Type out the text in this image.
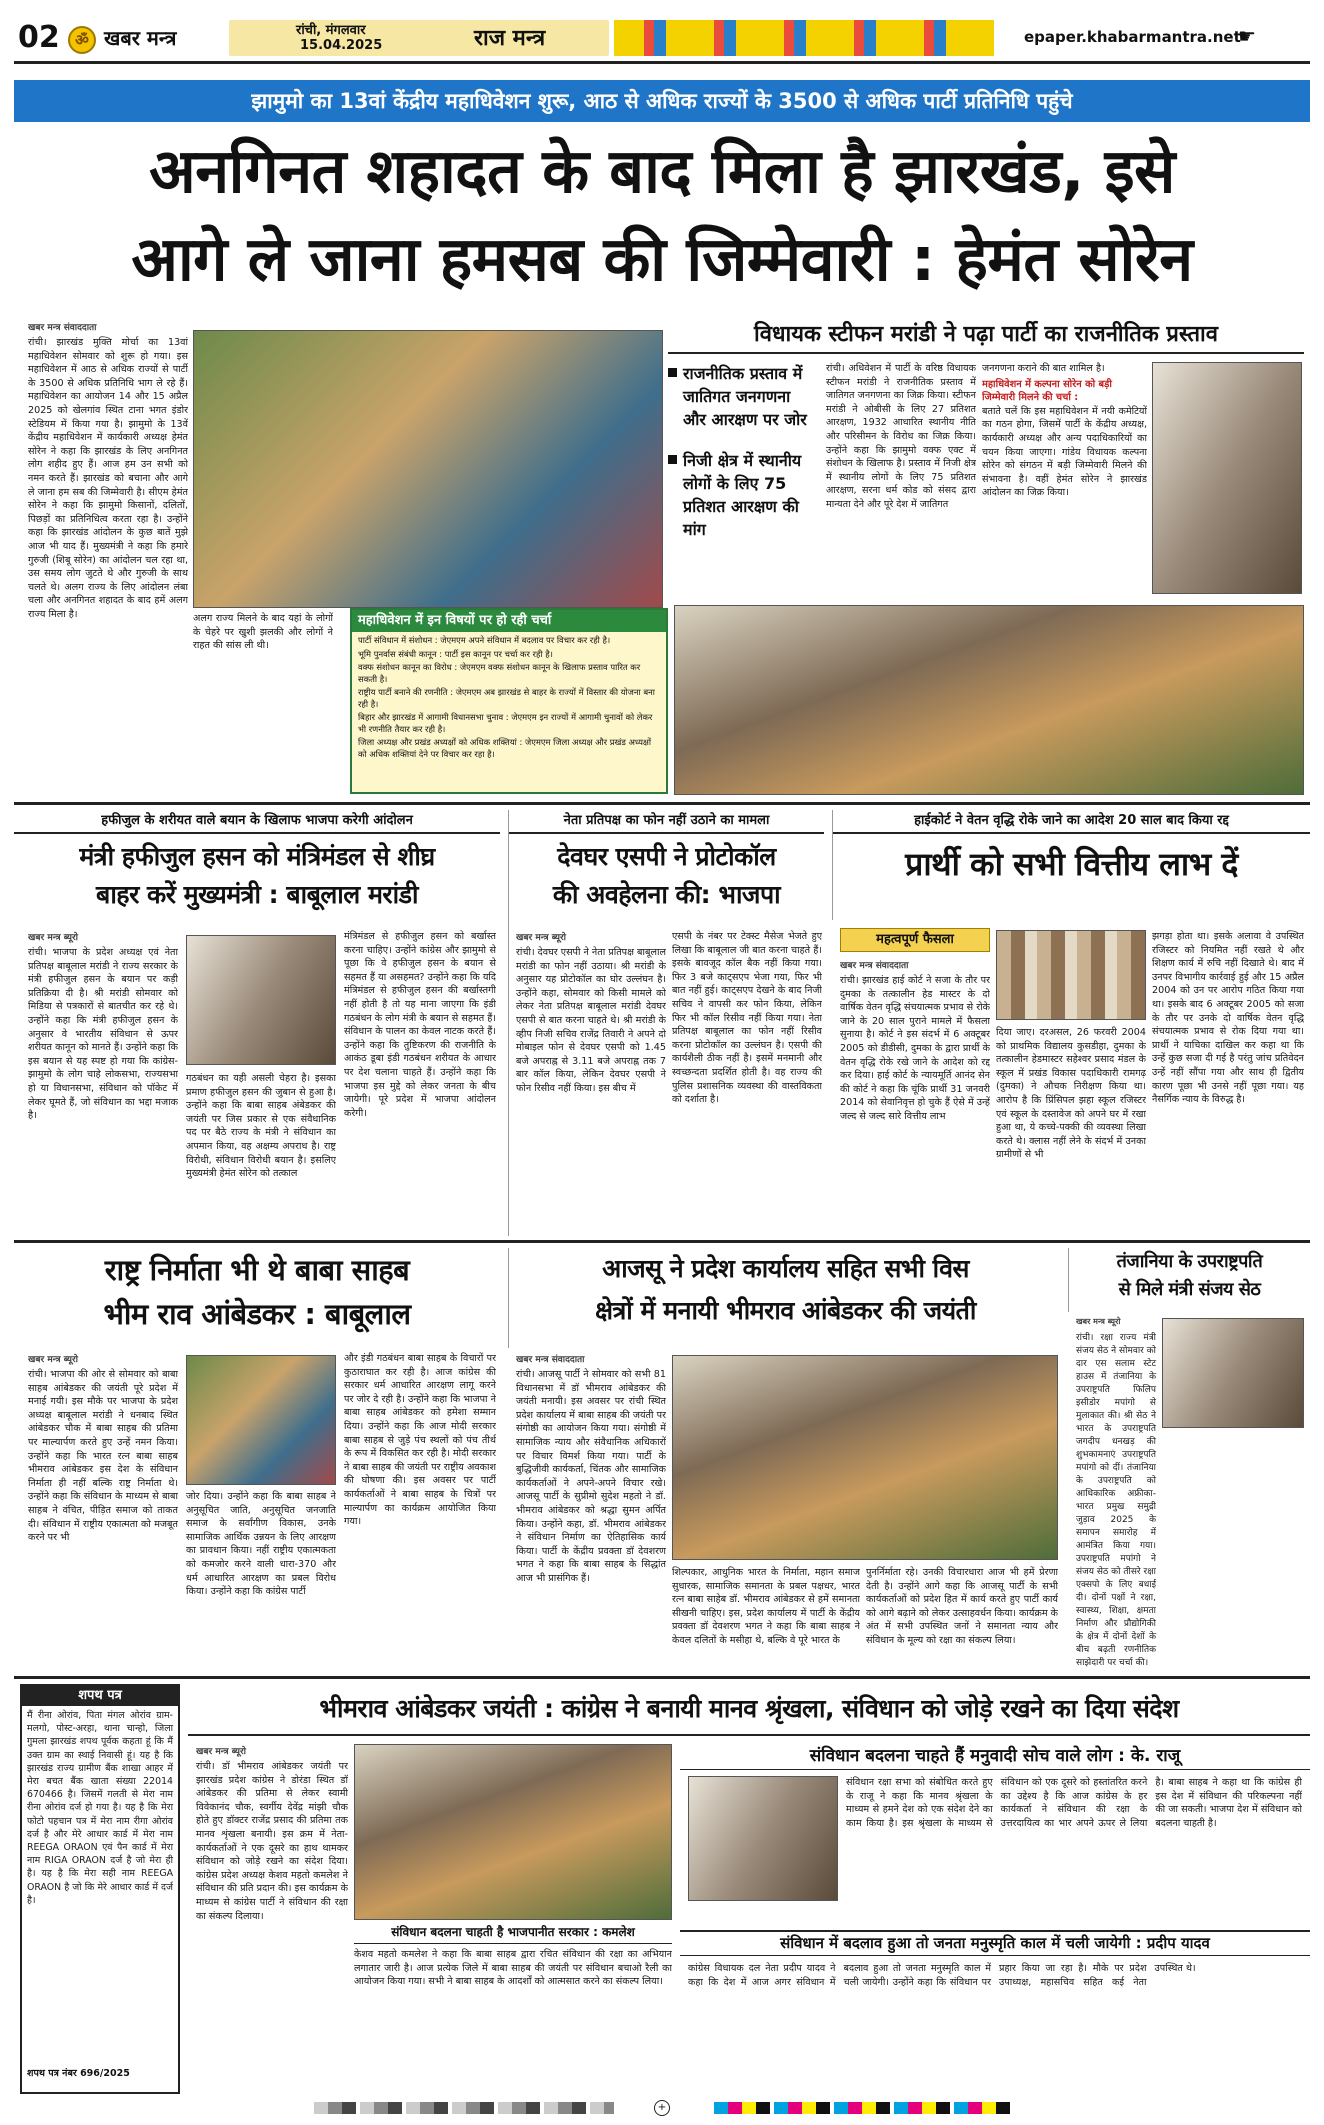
02	ॐ खबर मन्त्र	रांची, मंगलवार
15.04.2025	राज मन्त्र	epaper.khabarmantra.net
☛
झामुमो का 13वां केंद्रीय महाधिवेशन शुरू, आठ से अधिक राज्यों के 3500 से अधिक पार्टी प्रतिनिधि पहुंचे
अनगिनत शहादत के बाद मिला है झारखंड, इसे
आगे ले जाना हमसब की जिम्मेवारी : हेमंत सोरेन
खबर मन्त्र संवाददाता
रांची। झारखंड मुक्ति मोर्चा का 13वां महाधिवेशन सोमवार को शुरू हो गया। इस महाधिवेशन में आठ से अधिक राज्यों से पार्टी के 3500 से अधिक प्रतिनिधि भाग ले रहे हैं। महाधिवेशन का आयोजन 14 और 15 अप्रैल 2025 को खेलगांव स्थित टाना भगत इंडोर स्टेडियम में किया गया है। झामुमो के 13वें केंद्रीय महाधिवेशन में कार्यकारी अध्यक्ष हेमंत सोरेन ने कहा कि झारखंड के लिए अनगिनत लोग शहीद हुए हैं। आज हम उन सभी को नमन करते हैं। झारखंड को बचाना और आगे ले जाना हम सब की जिम्मेवारी है। सीएम हेमंत सोरेन ने कहा कि झामुमो किसानों, दलितों, पिछड़ों का प्रतिनिधित्व करता रहा है। उन्होंने कहा कि झारखंड आंदोलन के कुछ बातें मुझे आज भी याद हैं। मुख्यमंत्री ने कहा कि हमारे गुरुजी (शिबू सोरेन) का आंदोलन चल रहा था, उस समय लोग जुटते थे और गुरुजी के साथ चलते थे। अलग राज्य के लिए आंदोलन लंबा चला और अनगिनत शहादत के बाद हमें अलग राज्य मिला है।	अलग राज्य मिलने के बाद यहां के लोगों के चेहरे पर खुशी झलकी और लोगों ने राहत की सांस ली थी।
महाधिवेशन में इन विषयों पर हो रही चर्चा
पार्टी संविधान में संशोधन : जेएमएम अपने संविधान में बदलाव पर विचार कर रही है।
भूमि पुनर्वास संबंधी कानून : पार्टी इस कानून पर चर्चा कर रही है।
वक्फ संशोधन कानून का विरोध : जेएमएम वक्फ संशोधन कानून के खिलाफ प्रस्ताव पारित कर सकती है।
राष्ट्रीय पार्टी बनाने की रणनीति : जेएमएम अब झारखंड से बाहर के राज्यों में विस्तार की योजना बना रही है।
बिहार और झारखंड में आगामी विधानसभा चुनाव : जेएमएम इन राज्यों में आगामी चुनावों को लेकर भी रणनीति तैयार कर रही है।
जिला अध्यक्ष और प्रखंड अध्यक्षों को अधिक शक्तियां : जेएमएम जिला अध्यक्ष और प्रखंड अध्यक्षों को अधिक शक्तियां देने पर विचार कर रहा है।
विधायक स्टीफन मरांडी ने पढ़ा पार्टी का राजनीतिक प्रस्ताव
राजनीतिक प्रस्ताव में जातिगत जनगणना और आरक्षण पर जोर
निजी क्षेत्र में स्थानीय लोगों के लिए 75 प्रतिशत आरक्षण की मांग
रांची। अधिवेशन में पार्टी के वरिष्ठ विधायक स्टीफन मरांडी ने राजनीतिक प्रस्ताव में जातिगत जनगणना का जिक्र किया। स्टीफन मरांडी ने ओबीसी के लिए 27 प्रतिशत आरक्षण, 1932 आधारित स्थानीय नीति और परिसीमन के विरोध का जिक्र किया। उन्होंने कहा कि झामुमो वक्फ एक्ट में संशोधन के खिलाफ है। प्रस्ताव में निजी क्षेत्र में स्थानीय लोगों के लिए 75 प्रतिशत आरक्षण, सरना धर्म कोड को संसद द्वारा मान्यता देने और पूरे देश में जातिगत
जनगणना कराने की बात शामिल है।
महाधिवेशन में कल्पना सोरेन को बड़ी जिम्मेवारी मिलने की चर्चा :
बताते चलें कि इस महाधिवेशन में नयी कमेटियों का गठन होगा, जिसमें पार्टी के केंद्रीय अध्यक्ष, कार्यकारी अध्यक्ष और अन्य पदाधिकारियों का चयन किया जाएगा। गांडेय विधायक कल्पना सोरेन को संगठन में बड़ी जिम्मेवारी मिलने की संभावना है। वहीं हेमंत सोरेन ने झारखंड आंदोलन का जिक्र किया।
हफीजुल के शरीयत वाले बयान के खिलाफ भाजपा करेगी आंदोलन
मंत्री हफीजुल हसन को मंत्रिमंडल से शीघ्र
बाहर करें मुख्यमंत्री : बाबूलाल मरांडी
खबर मन्त्र ब्यूरो
रांची। भाजपा के प्रदेश अध्यक्ष एवं नेता प्रतिपक्ष बाबूलाल मरांडी ने राज्य सरकार के मंत्री हफीजुल हसन के बयान पर कड़ी प्रतिक्रिया दी है। श्री मरांडी सोमवार को मिडिया से पत्रकारों से बातचीत कर रहे थे। उन्होंने कहा कि मंत्री हफीजुल हसन के अनुसार वे भारतीय संविधान से ऊपर शरीयत कानून को मानते हैं। उन्होंने कहा कि इस बयान से यह स्पष्ट हो गया कि कांग्रेस-झामुमो के लोग चाहे लोकसभा, राज्यसभा हो या विधानसभा, संविधान को पॉकेट में लेकर घूमते हैं, जो संविधान का भद्दा मजाक है।
गठबंधन का यही असली चेहरा है। इसका प्रमाण हफीजुल हसन की जुबान से हुआ है। उन्होंने कहा कि बाबा साहब अंबेडकर की जयंती पर जिस प्रकार से एक संवैधानिक पद पर बैठे राज्य के मंत्री ने संविधान का अपमान किया, वह अक्षम्य अपराध है। राष्ट्र विरोधी, संविधान विरोधी बयान है। इसलिए मुख्यमंत्री हेमंत सोरेन को तत्काल
मंत्रिमंडल से हफीजुल हसन को बर्खास्त करना चाहिए। उन्होंने कांग्रेस और झामुमो से पूछा कि वे हफीजुल हसन के बयान से सहमत हैं या असहमत? उन्होंने कहा कि यदि मंत्रिमंडल से हफीजुल हसन की बर्खास्तगी नहीं होती है तो यह माना जाएगा कि इंडी गठबंधन के लोग मंत्री के बयान से सहमत हैं। संविधान के पालन का केवल नाटक करते हैं। उन्होंने कहा कि तुष्टिकरण की राजनीति के आकंठ डूबा इंडी गठबंधन शरीयत के आधार पर देश चलाना चाहते हैं। उन्होंने कहा कि भाजपा इस मुद्दे को लेकर जनता के बीच जायेगी। पूरे प्रदेश में भाजपा आंदोलन करेगी।
नेता प्रतिपक्ष का फोन नहीं उठाने का मामला
देवघर एसपी ने प्रोटोकॉल
की अवहेलना की: भाजपा
खबर मन्त्र ब्यूरो
रांची। देवघर एसपी ने नेता प्रतिपक्ष बाबूलाल मरांडी का फोन नहीं उठाया। श्री मरांडी के अनुसार यह प्रोटोकॉल का घोर उल्लंघन है। उन्होंने कहा, सोमवार को किसी मामले को लेकर नेता प्रतिपक्ष बाबूलाल मरांडी देवघर एसपी से बात करना चाहते थे। श्री मरांडी के व्हीप निजी सचिव राजेंद्र तिवारी ने अपने दो मोबाइल फोन से देवघर एसपी को 1.45 बजे अपराह्न से 3.11 बजे अपराह्न तक 7 बार कॉल किया, लेकिन देवघर एसपी ने फोन रिसीव नहीं किया। इस बीच में
एसपी के नंबर पर टेक्स्ट मैसेज भेजते हुए लिखा कि बाबूलाल जी बात करना चाहते हैं। इसके बावजूद कॉल बैक नहीं किया गया। फिर 3 बजे काट्सएप भेजा गया, फिर भी बात नहीं हुई। काट्सएप देखने के बाद निजी सचिव ने वापसी कर फोन किया, लेकिन फिर भी कॉल रिसीव नहीं किया गया। नेता प्रतिपक्ष बाबूलाल का फोन नहीं रिसीव करना प्रोटोकॉल का उल्लंघन है। एसपी की कार्यशैली ठीक नहीं है। इसमें मनमानी और स्वच्छन्दता प्रदर्शित होती है। वह राज्य की पुलिस प्रशासनिक व्यवस्था की वास्तविकता को दर्शाता है।
हाईकोर्ट ने वेतन वृद्धि रोके जाने का आदेश 20 साल बाद किया रद्द
प्रार्थी को सभी वित्तीय लाभ दें
महत्वपूर्ण फैसला
खबर मन्त्र संवाददाता
रांची। झारखंड हाई कोर्ट ने सजा के तौर पर दुमका के तत्कालीन हेड मास्टर के दो वार्षिक वेतन वृद्धि संचयात्मक प्रभाव से रोके जाने के 20 साल पुराने मामले में फैसला सुनाया है। कोर्ट ने इस संदर्भ में 6 अक्टूबर 2005 को डीडीसी, दुमका के द्वारा प्रार्थी के वेतन वृद्धि रोके रखे जाने के आदेश को रद्द कर दिया। हाई कोर्ट के न्यायमूर्ति आनंद सेन की कोर्ट ने कहा कि चूंकि प्रार्थी 31 जनवरी 2014 को सेवानिवृत्त हो चुके हैं ऐसे में उन्हें जल्द से जल्द सारे वित्तीय लाभ
दिया जाए। दरअसल, 26 फरवरी 2004 को प्राथमिक विद्यालय कुसडीहा, दुमका के तत्कालीन हेडमास्टर सहेश्वर प्रसाद मंडल के स्कूल में प्रखंड विकास पदाधिकारी रामगढ़ (दुमका) ने औचक निरीक्षण किया था। आरोप है कि प्रिंसिपल झहा स्कूल रजिस्टर एवं स्कूल के दस्तावेज को अपने घर में रखा हुआ था, ये कच्चे-पक्की की व्यवस्था लिखा करते थे। क्लास नहीं लेने के संदर्भ में उनका ग्रामीणों से भी
झगड़ा होता था। इसके अलावा वे उपस्थित रजिस्टर को नियमित नहीं रखते थे और शिक्षण कार्य में रुचि नहीं दिखाते थे। बाद में उनपर विभागीय कार्रवाई हुई और 15 अप्रैल 2004 को उन पर आरोप गठित किया गया था। इसके बाद 6 अक्टूबर 2005 को सजा के तौर पर उनके दो वार्षिक वेतन वृद्धि संचयात्मक प्रभाव से रोक दिया गया था। प्रार्थी ने याचिका दाखिल कर कहा था कि उन्हें कुछ सजा दी गई है परंतु जांच प्रतिवेदन उन्हें नहीं सौंपा गया और साथ ही द्वितीय कारण पूछा भी उनसे नहीं पूछा गया। यह नैसर्गिक न्याय के विरुद्ध है।
राष्ट्र निर्माता भी थे बाबा साहब
भीम राव आंबेडकर : बाबूलाल
खबर मन्त्र ब्यूरो
रांची। भाजपा की ओर से सोमवार को बाबा साहब आंबेडकर की जयंती पूरे प्रदेश में मनाई गयी। इस मौके पर भाजपा के प्रदेश अध्यक्ष बाबूलाल मरांडी ने धनबाद स्थित आंबेडकर चौक में बाबा साहब की प्रतिमा पर माल्यार्पण करते हुए उन्हें नमन किया। उन्होंने कहा कि भारत रत्न बाबा साहब भीमराव आंबेडकर इस देश के संविधान निर्माता ही नहीं बल्कि राष्ट्र निर्माता थे। उन्होंने कहा कि संविधान के माध्यम से बाबा साहब ने वंचित, पीड़ित समाज को ताकत दी। संविधान में राष्ट्रीय एकात्मता को मजबूत करने पर भी
जोर दिया। उन्होंने कहा कि बाबा साहब ने अनुसूचित जाति, अनुसूचित जनजाति समाज के सर्वांगीण विकास, उनके सामाजिक आर्थिक उन्नयन के लिए आरक्षण का प्रावधान किया। नहीं राष्ट्रीय एकात्मकता को कमजोर करने वाली धारा-370 और धर्म आधारित आरक्षण का प्रबल विरोध किया। उन्होंने कहा कि कांग्रेस पार्टी
और इंडी गठबंधन बाबा साहब के विचारों पर कुठाराघात कर रही है। आज कांग्रेस की सरकार धर्म आधारित आरक्षण लागू करने पर जोर दे रही है। उन्होंने कहा कि भाजपा ने बाबा साहब आंबेडकर को हमेशा सम्मान दिया। उन्होंने कहा कि आज मोदी सरकार बाबा साहब से जुड़े पंच स्थलों को पंच तीर्थ के रूप में विकसित कर रही है। मोदी सरकार ने बाबा साहब की जयंती पर राष्ट्रीय अवकाश की घोषणा की। इस अवसर पर पार्टी कार्यकर्ताओं ने बाबा साहब के चित्रों पर माल्यार्पण का कार्यक्रम आयोजित किया गया।
आजसू ने प्रदेश कार्यालय सहित सभी विस
क्षेत्रों में मनायी भीमराव आंबेडकर की जयंती
खबर मन्त्र संवाददाता
रांची। आजसू पार्टी ने सोमवार को सभी 81 विधानसभा में डॉ भीमराव आंबेडकर की जयंती मनायी। इस अवसर पर रांची स्थित प्रदेश कार्यालय में बाबा साहब की जयंती पर संगोष्ठी का आयोजन किया गया। संगोष्ठी में सामाजिक न्याय और संवैधानिक अधिकारों पर विचार विमर्श किया गया। पार्टी के बुद्धिजीवी कार्यकर्ता, चिंतक और सामाजिक कार्यकर्ताओं ने अपने-अपने विचार रखे। आजसू पार्टी के सुप्रीमो सुदेश महतो ने डॉ. भीमराव आंबेडकर को श्रद्धा सुमन अर्पित किया। उन्होंने कहा, डॉ. भीमराव आंबेडकर ने संविधान निर्माण का ऐतिहासिक कार्य किया। पार्टी के केंद्रीय प्रवक्ता डॉ देवशरण भगत ने कहा कि बाबा साहब के सिद्धांत आज भी प्रासंगिक हैं।
शिल्पकार, आधुनिक भारत के निर्माता, महान समाज सुधारक, सामाजिक समानता के प्रबल पक्षधर, भारत रत्न बाबा साहेब डॉ. भीमराव आंबेडकर से हमें समानता सीखनी चाहिए। इस, प्रदेश कार्यालय में पार्टी के केंद्रीय प्रवक्ता डॉ देवशरण भगत ने कहा कि बाबा साहब ने केवल दलितों के मसीहा थे, बल्कि वे पूरे भारत के
पुनर्निर्माता रहे। उनकी विचारधारा आज भी हमें प्रेरणा देती है। उन्होंने आगे कहा कि आजसू पार्टी के सभी कार्यकर्ताओं को प्रदेश हित में कार्य करते हुए पार्टी कार्य को आगे बढ़ाने को लेकर उत्साहवर्धन किया। कार्यक्रम के अंत में सभी उपस्थित जनों ने समानता न्याय और संविधान के मूल्य को रक्षा का संकल्प लिया।
तंजानिया के उपराष्ट्रपति
से मिले मंत्री संजय सेठ
खबर मन्त्र ब्यूरो
रांची। रक्षा राज्य मंत्री संजय सेठ ने सोमवार को दार एस सलाम स्टेट हाउस में तंजानिया के उपराष्ट्रपति फिलिप इसीडोर मपांगो से मुलाकात की। श्री सेठ ने भारत के उपराष्ट्रपति जगदीप धनखड़ की शुभकामनाएं उपराष्ट्रपति मपांगो को दीं। तंजानिया के उपराष्ट्रपति को आधिकारिक अफ्रीका-भारत प्रमुख समुद्री जुड़ाव 2025 के समापन समारोह में आमंत्रित किया गया। उपराष्ट्रपति मपांगो ने संजय सेठ को तीसरे रक्षा एक्सपो के लिए बधाई दी। दोनों पक्षों ने रक्षा, स्वास्थ्य, शिक्षा, क्षमता निर्माण और प्रौद्योगिकी के क्षेत्र में दोनों देशों के बीच बढ़ती रणनीतिक साझेदारी पर चर्चा की।
शपथ पत्र
मैं रीना ओरांव, पिता मंगल ओरांव ग्राम- मलगो, पोस्ट-अरहा, थाना चान्हो, जिला गुमला झारखंड शपथ पूर्वक कहता हूं कि मैं उक्त ग्राम का स्थाई निवासी हूं। यह है कि झारखंड राज्य ग्रामीण बैंक शाखा आहर में मेरा बचत बैंक खाता संख्या 22014 670466 है। जिसमें गलती से मेरा नाम रीना ओरांव दर्ज हो गया है। यह है कि मेरा फोटो पहचान पत्र में मेरा नाम रीगा ओरांव दर्ज है और मेरे आधार कार्ड में मेरा नाम REEGA ORAON एवं पैन कार्ड में मेरा नाम RIGA ORAON दर्ज है जो मेरा ही है। यह है कि मेरा सही नाम REEGA ORAON है जो कि मेरे आधार कार्ड में दर्ज है।
शपथ पत्र नंबर 696/2025
भीमराव आंबेडकर जयंती : कांग्रेस ने बनायी मानव श्रृंखला, संविधान को जोड़े रखने का दिया संदेश
खबर मन्त्र ब्यूरो
रांची। डॉ भीमराव आंबेडकर जयंती पर झारखंड प्रदेश कांग्रेस ने डोरंडा स्थित डॉ आंबेडकर की प्रतिमा से लेकर स्वामी विवेकानंद चौक, स्वर्गीय देवेंद्र मांझी चौक होते हुए डॉक्टर राजेंद्र प्रसाद की प्रतिमा तक मानव शृंखला बनायी। इस क्रम में नेता-कार्यकर्ताओं ने एक दूसरे का हाथ थामकर संविधान को जोड़े रखने का संदेश दिया। कांग्रेस प्रदेश अध्यक्ष केशव महतो कमलेश ने संविधान की प्रति प्रदान की। इस कार्यक्रम के माध्यम से कांग्रेस पार्टी ने संविधान की रक्षा का संकल्प दिलाया।
संविधान बदलना चाहती है भाजपानीत सरकार : कमलेश
केशव महतो कमलेश ने कहा कि बाबा साहब द्वारा रचित संविधान की रक्षा का अभियान लगातार जारी है। आज प्रत्येक जिले में बाबा साहब की जयंती पर संविधान बचाओ रैली का आयोजन किया गया। सभी ने बाबा साहब के आदर्शों को आत्मसात करने का संकल्प लिया।
संविधान बदलना चाहते हैं मनुवादी सोच वाले लोग : के. राजू
संविधान रक्षा सभा को संबोधित करते हुए के राजू ने कहा कि मानव श्रृंखला के माध्यम से हमने देश को एक संदेश देने का काम किया है। इस श्रृंखला के माध्यम से संविधान को एक दूसरे को हस्तांतरित करने का उद्देश्य है कि आज कांग्रेस के हर कार्यकर्ता ने संविधान की रक्षा के उत्तरदायित्व का भार अपने ऊपर ले लिया है। बाबा साहब ने कहा था कि कांग्रेस ही इस देश में संविधान की परिकल्पना नहीं की जा सकती। भाजपा देश में संविधान को बदलना चाहती है।
संविधान में बदलाव हुआ तो जनता मनुस्मृति काल में चली जायेगी : प्रदीप यादव
कांग्रेस विधायक दल नेता प्रदीप यादव ने कहा कि देश में आज अगर संविधान में बदलाव हुआ तो जनता मनुस्मृति काल में चली जायेगी। उन्होंने कहा कि संविधान पर प्रहार किया जा रहा है। मौके पर प्रदेश उपाध्यक्ष, महासचिव सहित कई नेता उपस्थित थे।
+
